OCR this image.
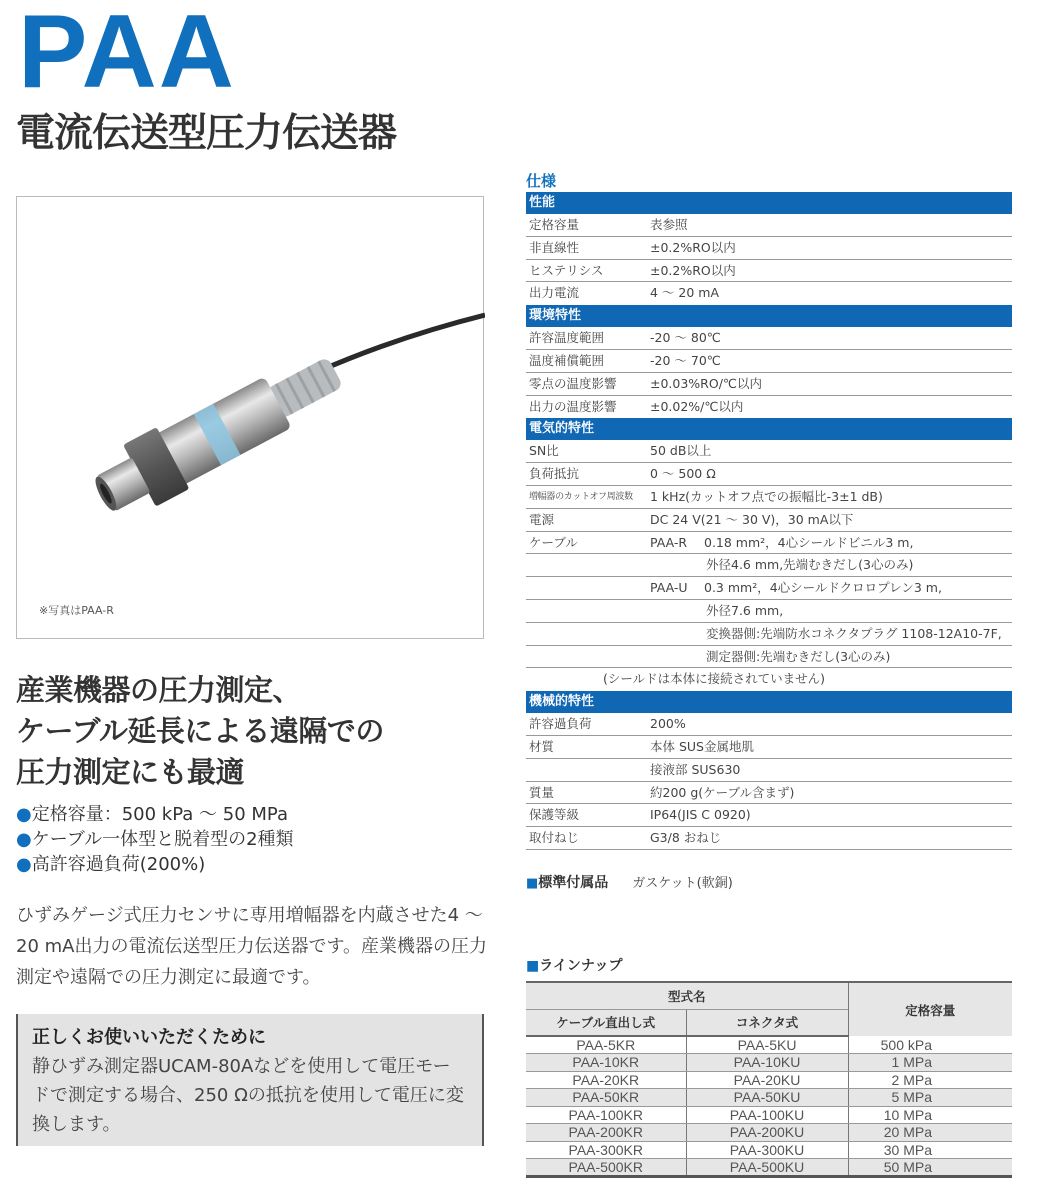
PAA
電流伝送型圧力伝送器
※写真はPAA-R
産業機器の圧力測定、
ケーブル延長による遠隔での
圧力測定にも最適
●定格容量：500 kPa ～ 50 MPa
●ケーブル一体型と脱着型の2種類
●高許容過負荷(200%)
ひずみゲージ式圧力センサに専用増幅器を内蔵させた4 ～ 20 mA出力の電流伝送型圧力伝送器です。産業機器の圧力測定や遠隔での圧力測定に最適です。
正しくお使いいただくために
静ひずみ測定器UCAM-80Aなどを使用して電圧モードで測定する場合、250 Ωの抵抗を使用して電圧に変換します。
仕様
性能
定格容量	表参照
非直線性	±0.2%RO以内
ヒステリシス	±0.2%RO以内
出力電流	4 ～ 20 mA
環境特性
許容温度範囲	-20 ～ 80℃
温度補償範囲	-20 ～ 70℃
零点の温度影響	±0.03%RO/℃以内
出力の温度影響	±0.02%/℃以内
電気的特性
SN比	50 dB以上
負荷抵抗	0 ～ 500 Ω
増幅器のカットオフ周波数	1 kHz(カットオフ点での振幅比-3±1 dB)
電源	DC 24 V(21 ～ 30 V)，30 mA以下
ケーブル	PAA-R 0.18 mm²，4心シールドビニル3 m,
外径4.6 mm,先端むきだし(3心のみ)
PAA-U 0.3 mm²，4心シールドクロロプレン3 m,
外径7.6 mm,
変換器側:先端防水コネクタプラグ 1108-12A10-7F,
測定器側:先端むきだし(3心のみ)
(シールドは本体に接続されていません)
機械的特性
許容過負荷	200%
材質	本体 SUS金属地肌
接液部 SUS630
質量	約200 g(ケーブル含まず)
保護等級	IP64(JIS C 0920)
取付ねじ	G3/8 おねじ
■標準付属品 ガスケット(軟銅)
■ラインナップ
型式名		定格容量
ケーブル直出し式	コネクタ式	
PAA-5KR	PAA-5KU	500 kPa
PAA-10KR	PAA-10KU	1 MPa
PAA-20KR	PAA-20KU	2 MPa
PAA-50KR	PAA-50KU	5 MPa
PAA-100KR	PAA-100KU	10 MPa
PAA-200KR	PAA-200KU	20 MPa
PAA-300KR	PAA-300KU	30 MPa
PAA-500KR	PAA-500KU	50 MPa
